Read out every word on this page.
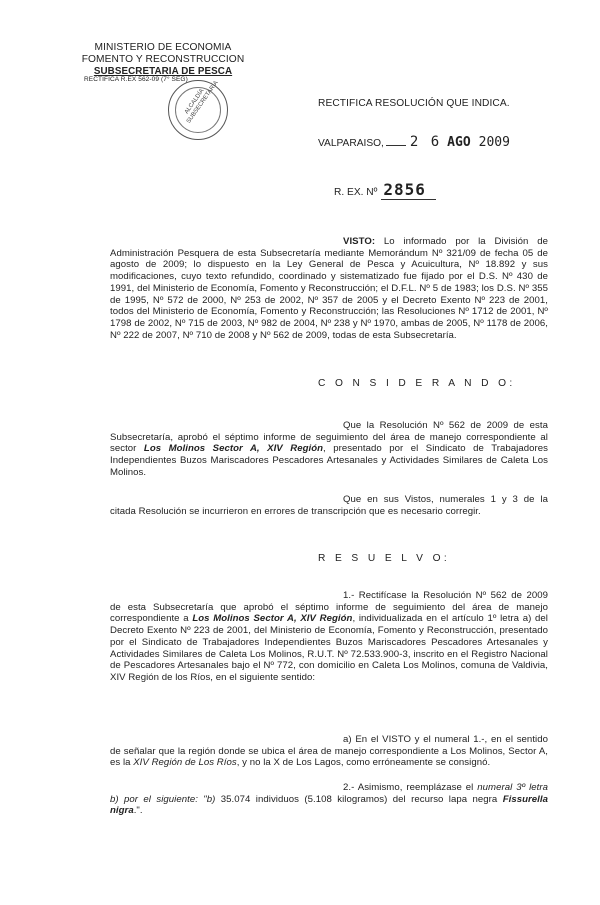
MINISTERIO DE ECONOMIA
FOMENTO Y RECONSTRUCCION
SUBSECRETARIA DE PESCA
RECTIFICA R.EX 562-09 (7° SEG)
ALCALDÍA SUBSECRETARÍA	RECTIFICA RESOLUCIÓN QUE INDICA.
VALPARAISO, 2 6 AGO 2009
R. EX. Nº 2856
VISTO: Lo informado por la División de Administración Pesquera de esta Subsecretaría mediante Memorándum Nº 321/09 de fecha 05 de agosto de 2009; lo dispuesto en la Ley General de Pesca y Acuicultura, Nº 18.892 y sus modificaciones, cuyo texto refundido, coordinado y sistematizado fue fijado por el D.S. Nº 430 de 1991, del Ministerio de Economía, Fomento y Reconstrucción; el D.F.L. Nº 5 de 1983; los D.S. Nº 355 de 1995, Nº 572 de 2000, Nº 253 de 2002, Nº 357 de 2005 y el Decreto Exento Nº 223 de 2001, todos del Ministerio de Economía, Fomento y Reconstrucción; las Resoluciones Nº 1712 de 2001, Nº 1798 de 2002, Nº 715 de 2003, Nº 982 de 2004, Nº 238 y Nº 1970, ambas de 2005, Nº 1178 de 2006, Nº 222 de 2007, Nº 710 de 2008 y Nº 562 de 2009, todas de esta Subsecretaría.
C O N S I D E R A N D O:
Que la Resolución Nº 562 de 2009 de esta Subsecretaría, aprobó el séptimo informe de seguimiento del área de manejo correspondiente al sector Los Molinos Sector A, XIV Región, presentado por el Sindicato de Trabajadores Independientes Buzos Mariscadores Pescadores Artesanales y Actividades Similares de Caleta Los Molinos.
Que en sus Vistos, numerales 1 y 3 de la citada Resolución se incurrieron en errores de transcripción que es necesario corregir.
R E S U E L V O:
1.- Rectifícase la Resolución Nº 562 de 2009 de esta Subsecretaría que aprobó el séptimo informe de seguimiento del área de manejo correspondiente a Los Molinos Sector A, XIV Región, individualizada en el artículo 1º letra a) del Decreto Exento Nº 223 de 2001, del Ministerio de Economía, Fomento y Reconstrucción, presentado por el Sindicato de Trabajadores Independientes Buzos Mariscadores Pescadores Artesanales y Actividades Similares de Caleta Los Molinos, R.U.T. Nº 72.533.900-3, inscrito en el Registro Nacional de Pescadores Artesanales bajo el Nº 772, con domicilio en Caleta Los Molinos, comuna de Valdivia, XIV Región de los Ríos, en el siguiente sentido:
a) En el VISTO y el numeral 1.-, en el sentido de señalar que la región donde se ubica el área de manejo correspondiente a Los Molinos, Sector A, es la XIV Región de Los Ríos, y no la X de Los Lagos, como erróneamente se consignó.
2.- Asimismo, reemplázase el numeral 3º letra b) por el siguiente: "b) 35.074 individuos (5.108 kilogramos) del recurso lapa negra Fissurella nigra.".
